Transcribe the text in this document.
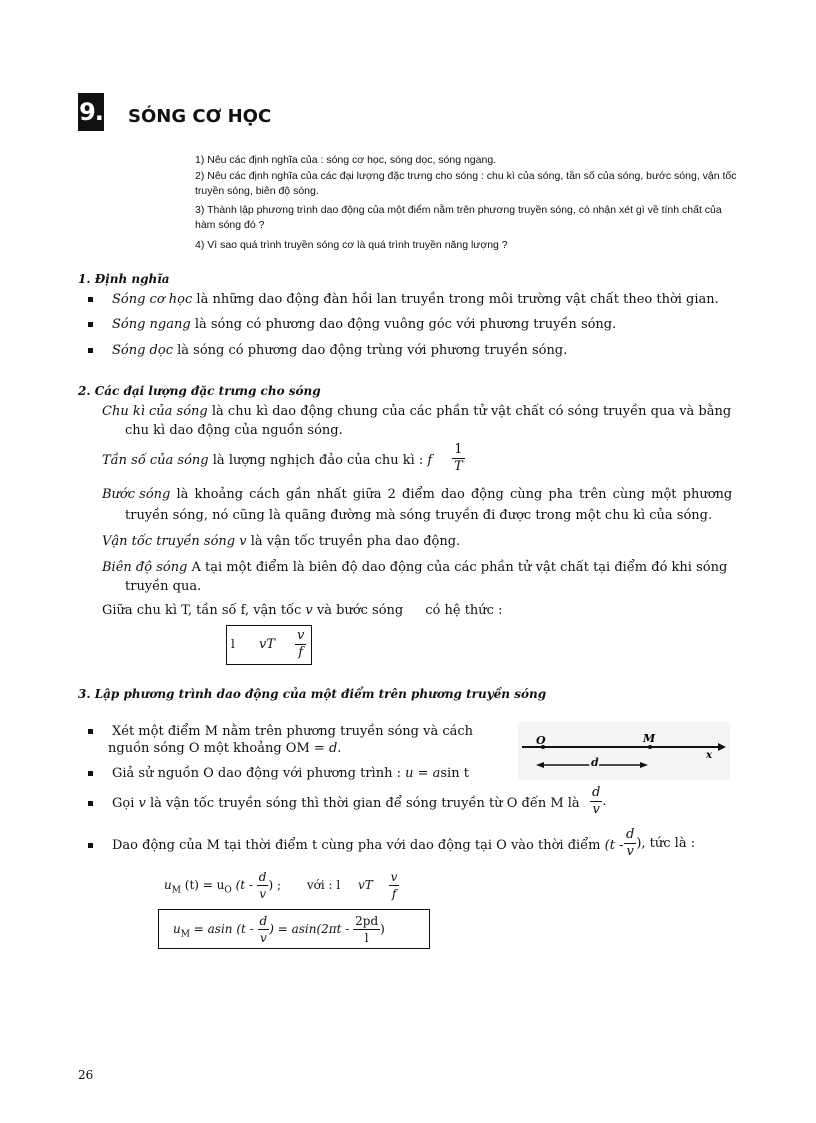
9. SÓNG CƠ HỌC
1) Nêu các định nghĩa của : sóng cơ học, sóng dọc, sóng ngang.
2) Nêu các định nghĩa của các đại lượng đặc trưng cho sóng : chu kì của sóng, tần số của sóng, bước sóng, vận tốc truyền sóng, biên độ sóng.
3) Thành lập phương trình dao động của một điểm nằm trên phương truyền sóng, có nhận xét gì về tính chất của hàm sóng đó ?
4) Vì sao quá trình truyền sóng cơ là quá trình truyền năng lượng ?
1. Định nghĩa
Sóng cơ học là những dao động đàn hồi lan truyền trong môi trường vật chất theo thời gian.
Sóng ngang là sóng có phương dao động vuông góc với phương truyền sóng.
Sóng dọc là sóng có phương dao động trùng với phương truyền sóng.
2. Các đại lượng đặc trưng cho sóng
Chu kì của sóng là chu kì dao động chung của các phần tử vật chất có sóng truyền qua và bằng
chu kì dao động của nguồn sóng.
Tần số của sóng là lượng nghịch đảo của chu kì : f $\frac{1}{T}$
Bước sóng là khoảng cách gần nhất giữa 2 điểm dao động cùng pha trên cùng một phương
truyền sóng, nó cũng là quãng đường mà sóng truyền đi được trong một chu kì của sóng.
Vận tốc truyền sóng v là vận tốc truyền pha dao động.
Biên độ sóng A tại một điểm là biên độ dao động của các phần tử vật chất tại điểm đó khi sóng
truyền qua.
Giữa chu kì T, tần số f, vận tốc v và bước sóng có hệ thức :
l vT $\frac{v}{f}$
3. Lập phương trình dao động của một điểm trên phương truyền sóng
Xét một điểm M nằm trên phương truyền sóng và cách
nguồn sóng O một khoảng OM = d.
Giả sử nguồn O dao động với phương trình : u = asin t
O	M
x
d
Gọi v là vận tốc truyền sóng thì thời gian để sóng truyền từ O đến M là $\frac{d}{v}$ .
Dao động của M tại thời điểm t cùng pha với dao động tại O vào thời điểm ($t - \frac{d}{v}$ ), tức là :
$u_M$ $(t) = u_O$ ($t - \frac{d}{v}$ ) ; với : l vT $\frac{v}{f}$
$u_M = asin$ ($t - \frac{d}{v}$ ) = $asin(2\pi t - \frac{2pd}{l}$ )
26
